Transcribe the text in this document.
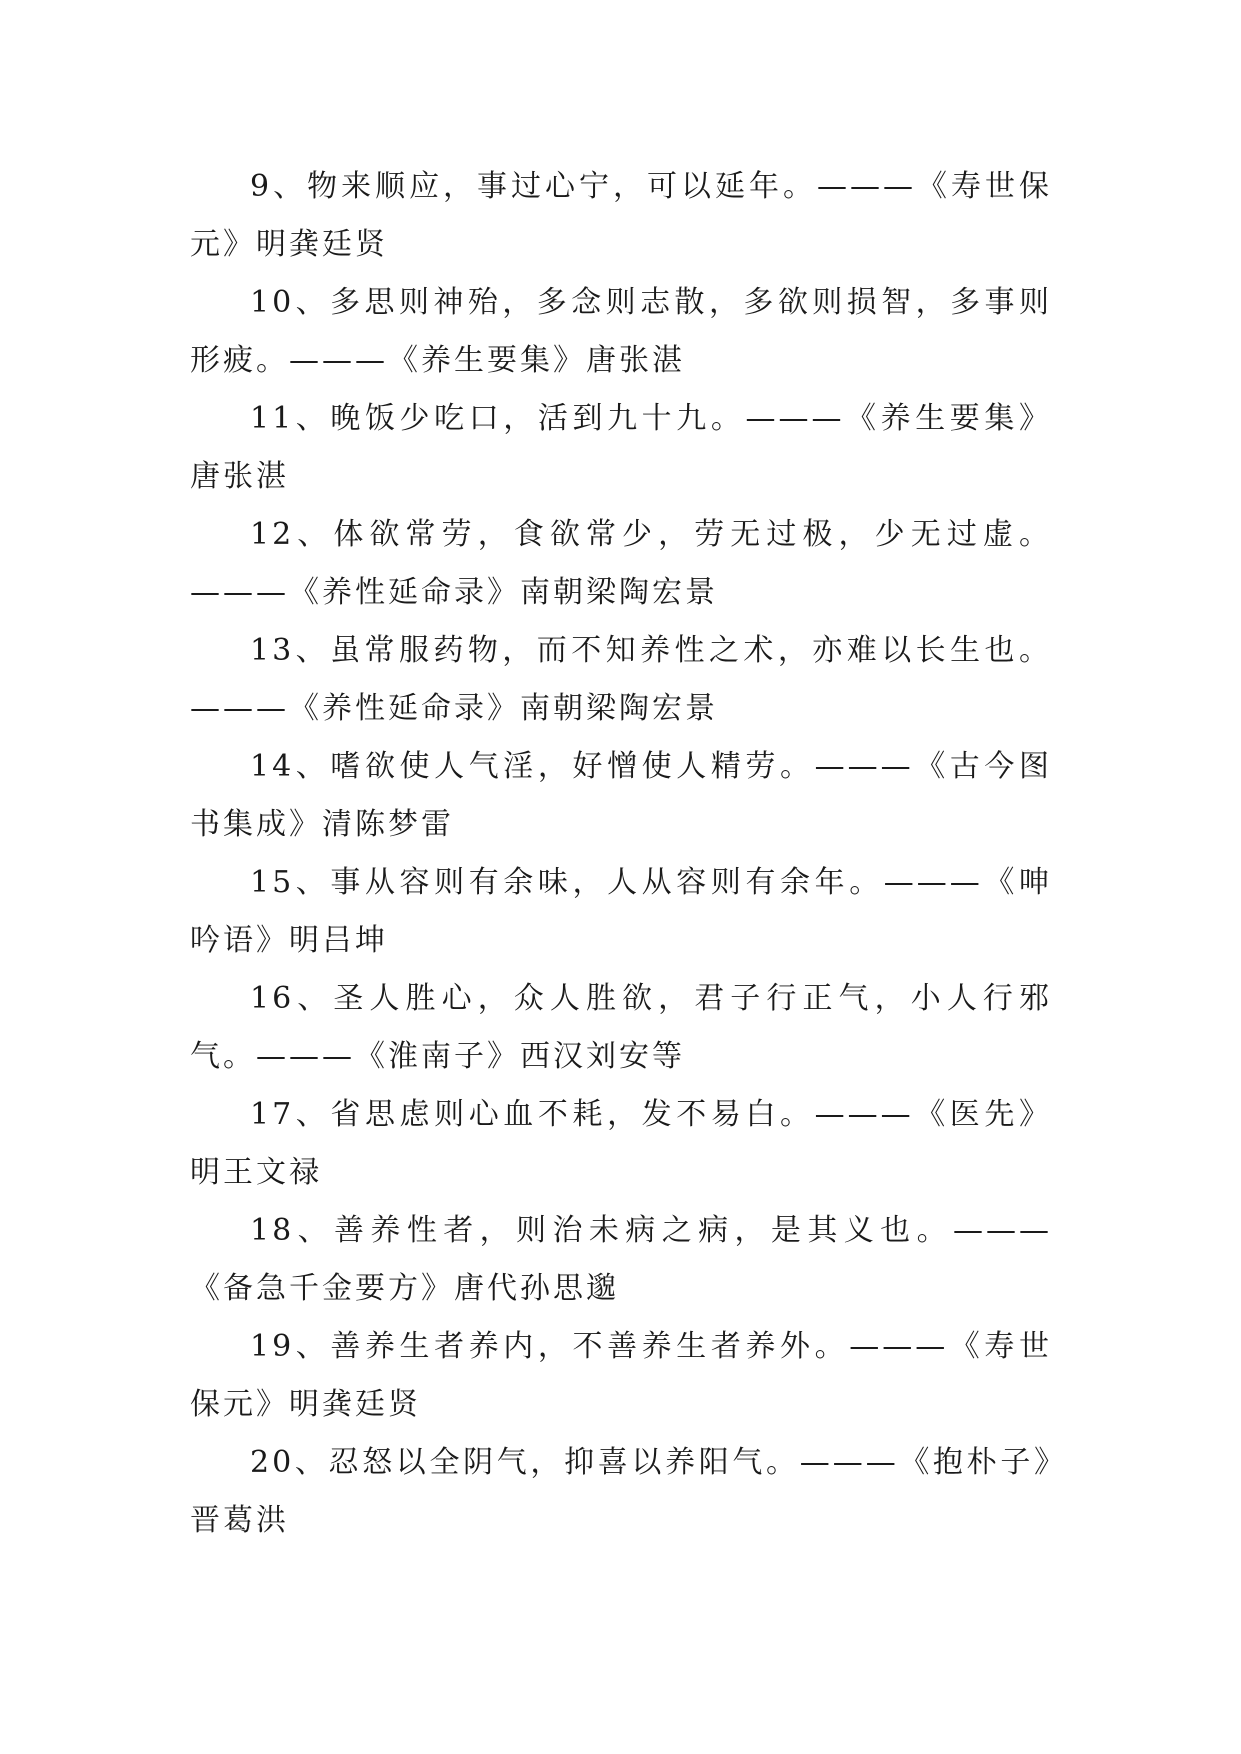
9、物来顺应，事过心宁，可以延年。———《寿世保元》明龚廷贤

10、多思则神殆，多念则志散，多欲则损智，多事则形疲。———《养生要集》唐张湛

11、晚饭少吃口，活到九十九。———《养生要集》唐张湛

12、体欲常劳，食欲常少，劳无过极，少无过虚。———《养性延命录》南朝梁陶宏景

13、虽常服药物，而不知养性之术，亦难以长生也。———《养性延命录》南朝梁陶宏景

14、嗜欲使人气淫，好憎使人精劳。———《古今图书集成》清陈梦雷

15、事从容则有余味，人从容则有余年。———《呻吟语》明吕坤

16、圣人胜心，众人胜欲，君子行正气，小人行邪气。———《淮南子》西汉刘安等

17、省思虑则心血不耗，发不易白。———《医先》明王文禄

18、善养性者，则治未病之病，是其义也。———《备急千金要方》唐代孙思邈

19、善养生者养内，不善养生者养外。———《寿世保元》明龚廷贤

20、忍怒以全阴气，抑喜以养阳气。———《抱朴子》晋葛洪
